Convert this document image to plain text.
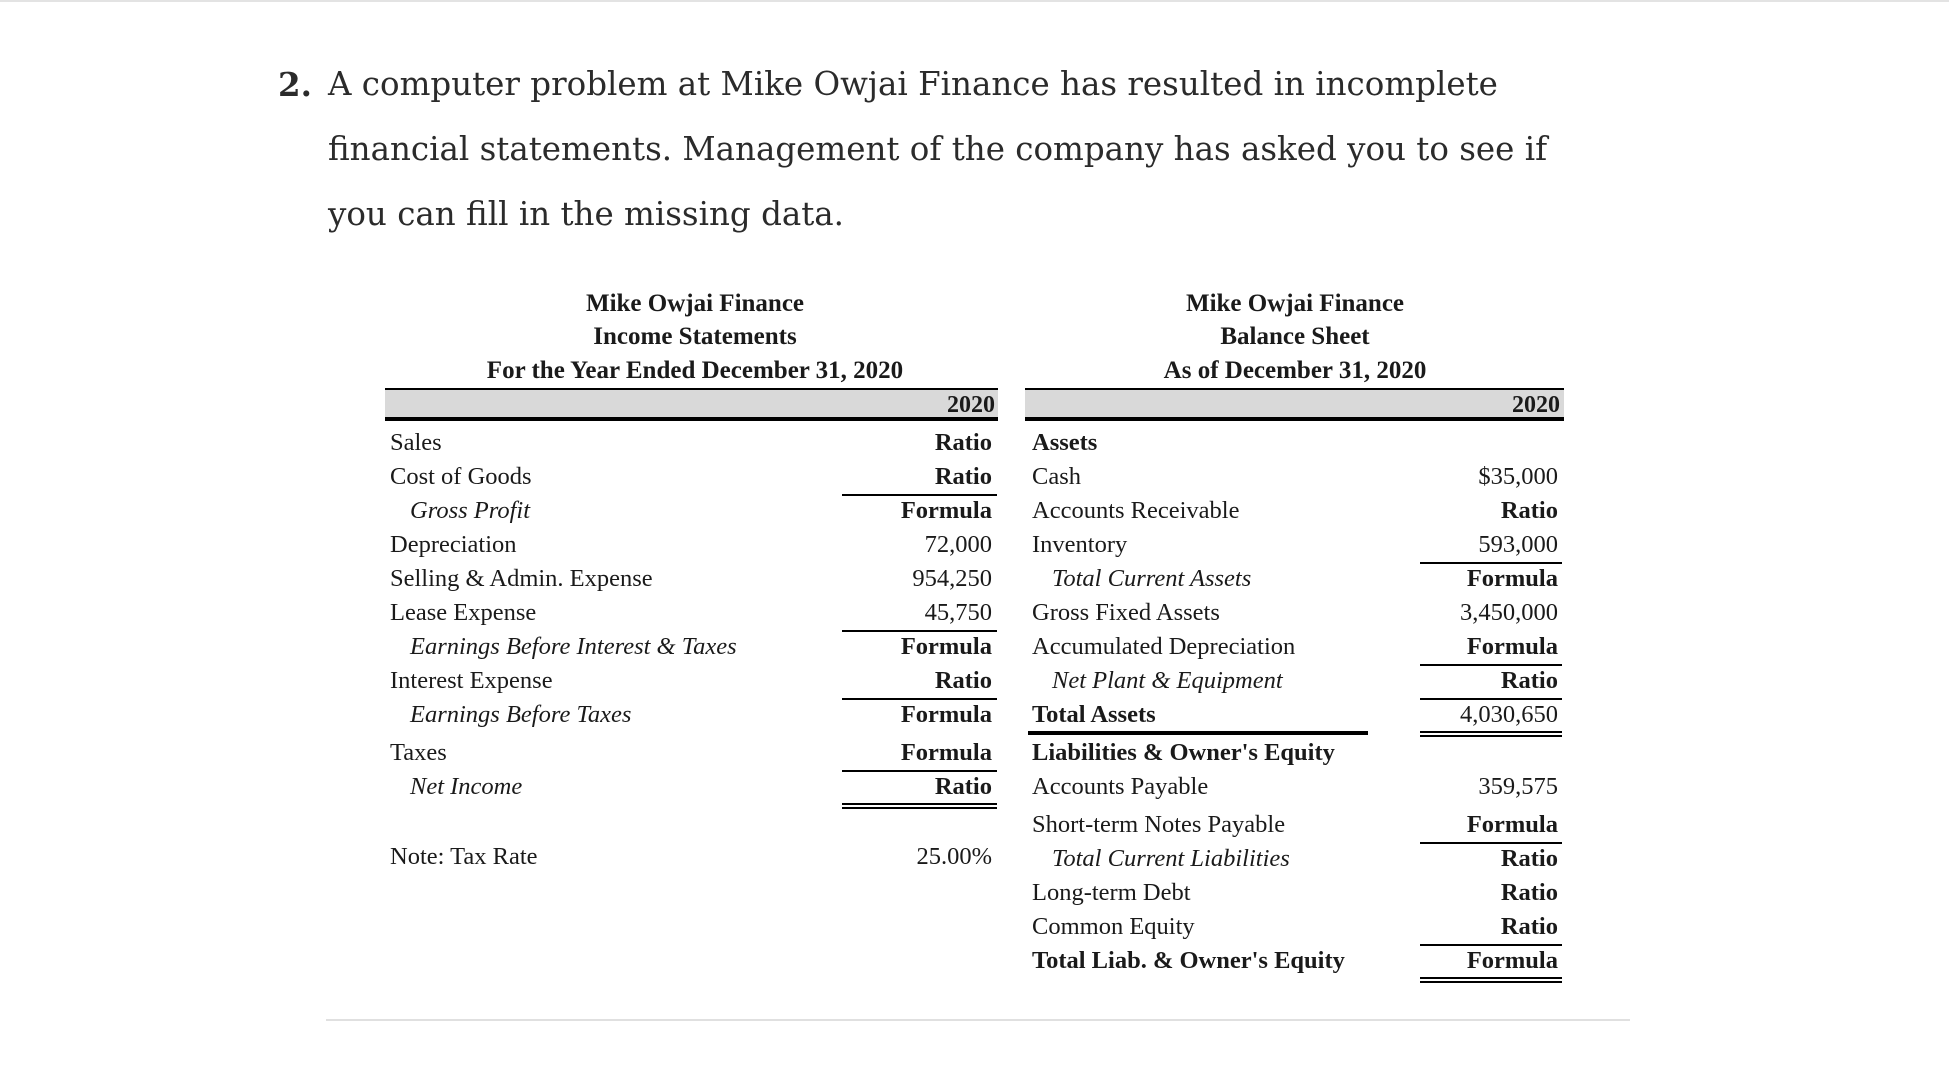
2. A computer problem at Mike Owjai Finance has resulted in incomplete financial statements. Management of the company has asked you to see if you can fill in the missing data.
Mike Owjai Finance
Income Statements
For the Year Ended December 31, 2020
2020
Sales	Ratio
Cost of Goods	Ratio
Gross Profit	Formula
Depreciation	72,000
Selling & Admin. Expense	954,250
Lease Expense	45,750
Earnings Before Interest & Taxes	Formula
Interest Expense	Ratio
Earnings Before Taxes	Formula
Taxes	Formula
Net Income	Ratio
Note: Tax Rate	25.00%
Mike Owjai Finance
Balance Sheet
As of December 31, 2020
2020
Assets
Cash	$35,000
Accounts Receivable	Ratio
Inventory	593,000
Total Current Assets	Formula
Gross Fixed Assets	3,450,000
Accumulated Depreciation	Formula
Net Plant & Equipment	Ratio
Total Assets	4,030,650
Liabilities & Owner's Equity
Accounts Payable	359,575
Short-term Notes Payable	Formula
Total Current Liabilities	Ratio
Long-term Debt	Ratio
Common Equity	Ratio
Total Liab. & Owner's Equity	Formula
